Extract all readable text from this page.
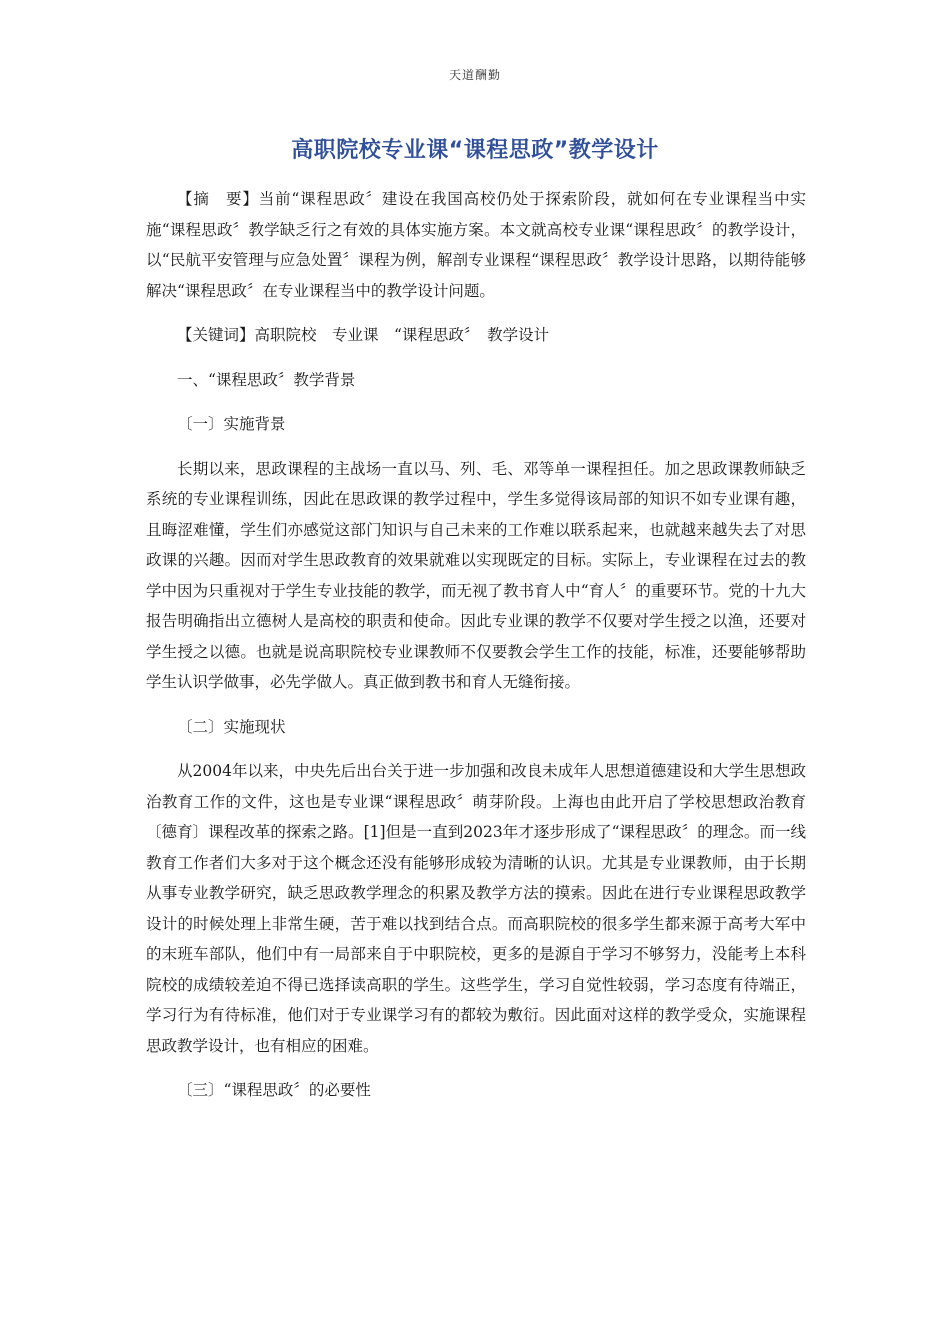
天道酬勤
高职院校专业课“课程思政”教学设计

【摘　要】当前“课程思政〞建设在我国高校仍处于探索阶段，就如何在专业课程当中实施“课程思政〞教学缺乏行之有效的具体实施方案。本文就高校专业课“课程思政〞的教学设计，以“民航平安管理与应急处置〞课程为例，解剖专业课程“课程思政〞教学设计思路，以期待能够解决“课程思政〞在专业课程当中的教学设计问题。

【关键词】高职院校　专业课　“课程思政〞　教学设计

一、“课程思政〞教学背景

〔一〕实施背景

长期以来，思政课程的主战场一直以马、列、毛、邓等单一课程担任。加之思政课教师缺乏系统的专业课程训练，因此在思政课的教学过程中，学生多觉得该局部的知识不如专业课有趣，且晦涩难懂，学生们亦感觉这部门知识与自己未来的工作难以联系起来，也就越来越失去了对思政课的兴趣。因而对学生思政教育的效果就难以实现既定的目标。实际上，专业课程在过去的教学中因为只重视对于学生专业技能的教学，而无视了教书育人中“育人〞的重要环节。党的十九大报告明确指出立德树人是高校的职责和使命。因此专业课的教学不仅要对学生授之以渔，还要对学生授之以德。也就是说高职院校专业课教师不仅要教会学生工作的技能，标准，还要能够帮助学生认识学做事，必先学做人。真正做到教书和育人无缝衔接。

〔二〕实施现状

从2004年以来，中央先后出台关于进一步加强和改良未成年人思想道德建设和大学生思想政治教育工作的文件，这也是专业课“课程思政〞萌芽阶段。上海也由此开启了学校思想政治教育〔德育〕课程改革的探索之路。[1]但是一直到2023年才逐步形成了“课程思政〞的理念。而一线教育工作者们大多对于这个概念还没有能够形成较为清晰的认识。尤其是专业课教师，由于长期从事专业教学研究，缺乏思政教学理念的积累及教学方法的摸索。因此在进行专业课程思政教学设计的时候处理上非常生硬，苦于难以找到结合点。而高职院校的很多学生都来源于高考大军中的末班车部队，他们中有一局部来自于中职院校，更多的是源自于学习不够努力，没能考上本科院校的成绩较差迫不得已选择读高职的学生。这些学生，学习自觉性较弱，学习态度有待端正，学习行为有待标准，他们对于专业课学习有的都较为敷衍。因此面对这样的教学受众，实施课程思政教学设计，也有相应的困难。

〔三〕“课程思政〞的必要性
